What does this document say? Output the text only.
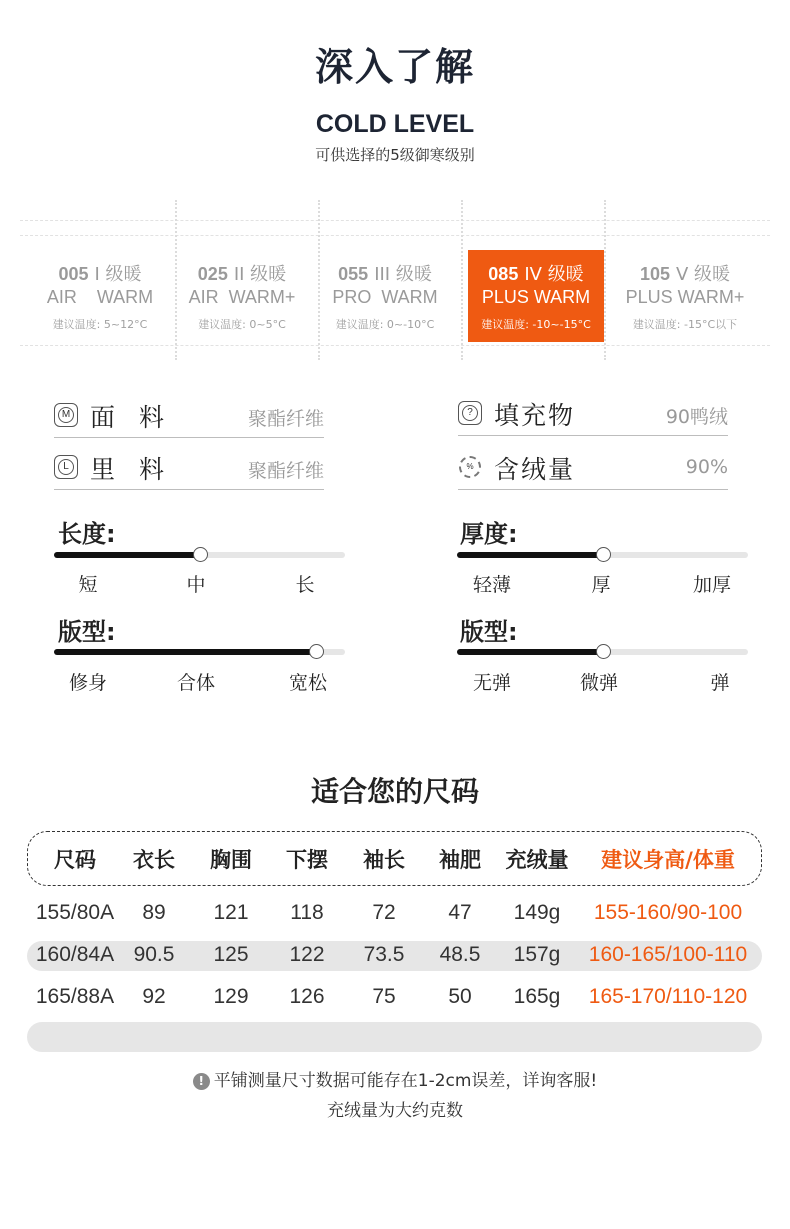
深入了解
COLD LEVEL
可供选择的5级御寒级别
005 I 级暖
AIR    WARM
建议温度: 5~12°C
025 II 级暖
AIR  WARM+
建议温度: 0~5°C
055 III 级暖
PRO  WARM
建议温度: 0~-10°C
085 IV 级暖
PLUS WARM
建议温度: -10~-15°C
105 V 级暖
PLUS WARM+
建议温度: -15°C以下
M 面 料	聚酯纤维
L 里 料	聚酯纤维
? 填充物	90鸭绒
% 含绒量	90%
长度:
短	中	长
厚度:
轻薄	厚	加厚
版型:
修身	合体	宽松
版型:
无弹	微弹	弹
适合您的尺码
尺码	衣长	胸围	下摆	袖长	袖肥	充绒量	建议身高/体重
155/80A	89	121	118	72	47	149g	155-160/90-100
160/84A 90.5	125	122	73.5	48.5	157g	160-165/100-110
165/88A	92	129	126	75	50	165g	165-170/110-120
! 平铺测量尺寸数据可能存在1-2cm误差，详询客服!
充绒量为大约克数
